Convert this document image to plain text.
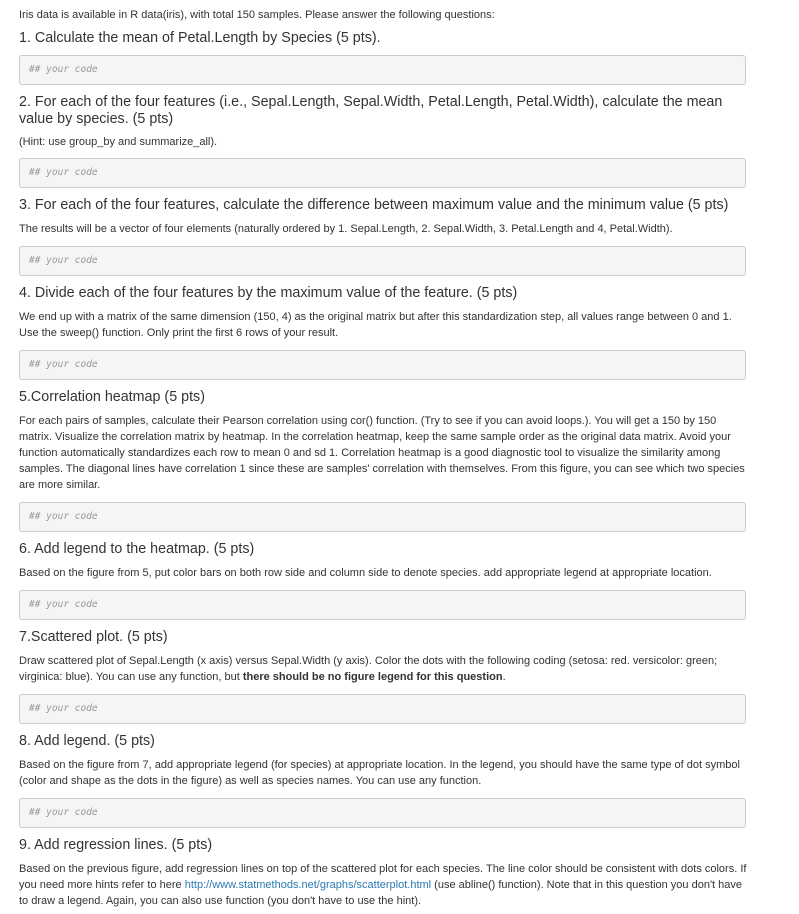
Iris data is available in R data(iris), with total 150 samples. Please answer the following questions:
1. Calculate the mean of Petal.Length by Species (5 pts).
## your code
2. For each of the four features (i.e., Sepal.Length, Sepal.Width, Petal.Length, Petal.Width), calculate the mean value by species. (5 pts)
(Hint: use group_by and summarize_all).
## your code
3. For each of the four features, calculate the difference between maximum value and the minimum value (5 pts)
The results will be a vector of four elements (naturally ordered by 1. Sepal.Length, 2. Sepal.Width, 3. Petal.Length and 4, Petal.Width).
## your code
4. Divide each of the four features by the maximum value of the feature. (5 pts)
We end up with a matrix of the same dimension (150, 4) as the original matrix but after this standardization step, all values range between 0 and 1. Use the sweep() function. Only print the first 6 rows of your result.
## your code
5.Correlation heatmap (5 pts)
For each pairs of samples, calculate their Pearson correlation using cor() function. (Try to see if you can avoid loops.). You will get a 150 by 150 matrix. Visualize the correlation matrix by heatmap. In the correlation heatmap, keep the same sample order as the original data matrix. Avoid your function automatically standardizes each row to mean 0 and sd 1. Correlation heatmap is a good diagnostic tool to visualize the similarity among samples. The diagonal lines have correlation 1 since these are samples' correlation with themselves. From this figure, you can see which two species are more similar.
## your code
6. Add legend to the heatmap. (5 pts)
Based on the figure from 5, put color bars on both row side and column side to denote species. add appropriate legend at appropriate location.
## your code
7.Scattered plot. (5 pts)
Draw scattered plot of Sepal.Length (x axis) versus Sepal.Width (y axis). Color the dots with the following coding (setosa: red. versicolor: green; virginica: blue). You can use any function, but there should be no figure legend for this question.
## your code
8. Add legend. (5 pts)
Based on the figure from 7, add appropriate legend (for species) at appropriate location. In the legend, you should have the same type of dot symbol (color and shape as the dots in the figure) as well as species names. You can use any function.
## your code
9. Add regression lines. (5 pts)
Based on the previous figure, add regression lines on top of the scattered plot for each species. The line color should be consistent with dots colors. If you need more hints refer to here http://www.statmethods.net/graphs/scatterplot.html (use abline() function). Note that in this question you don't have to draw a legend. Again, you can also use function (you don't have to use the hint).
